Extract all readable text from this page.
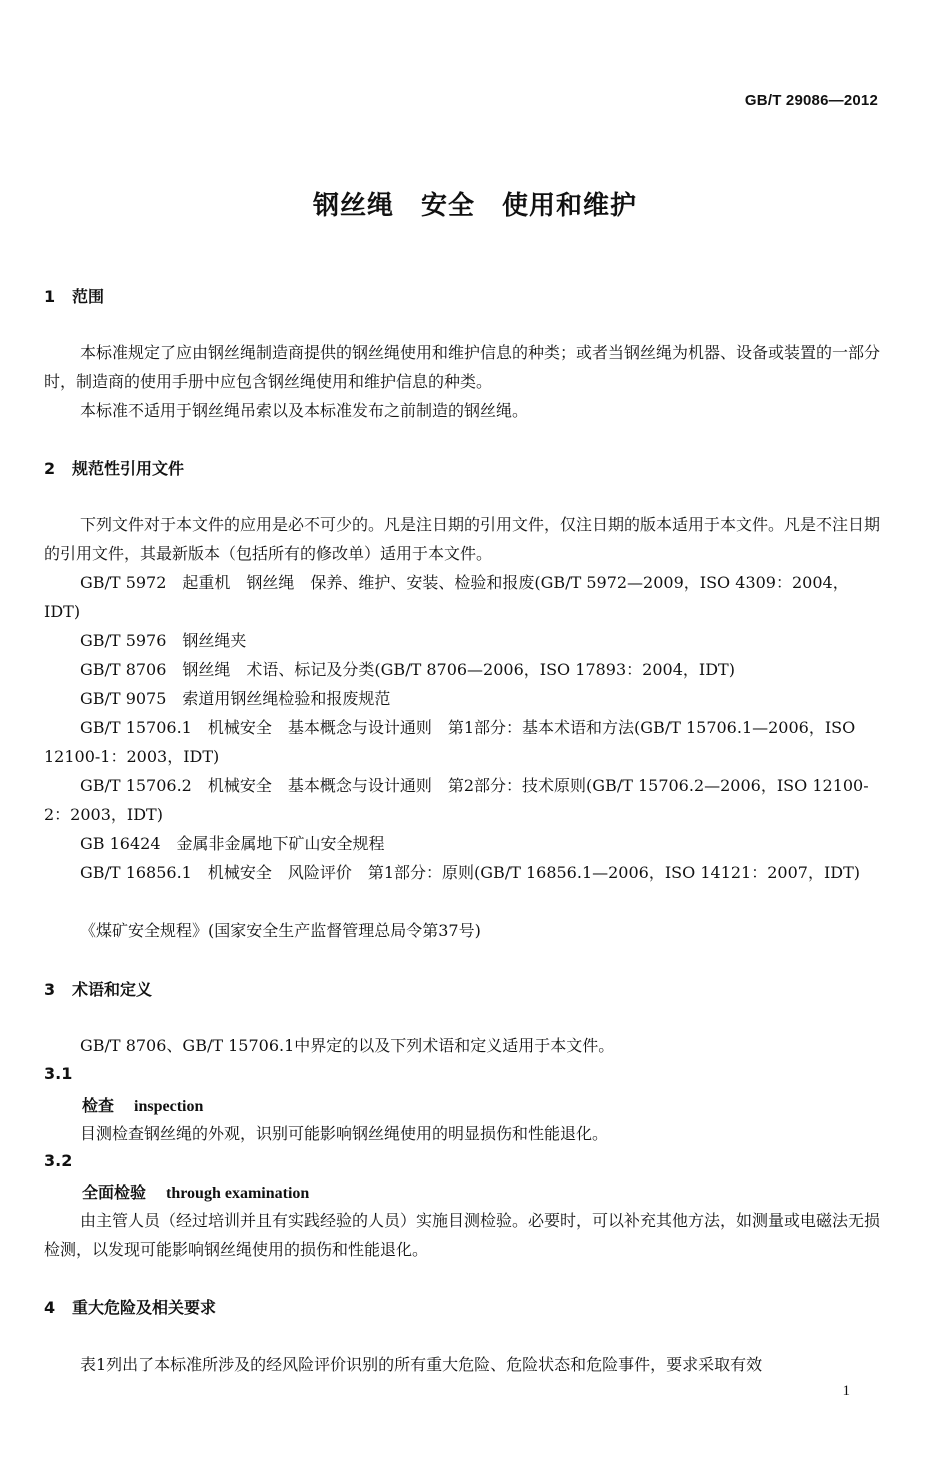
GB/T 29086—2012
钢丝绳　安全　使用和维护
1 范围
本标准规定了应由钢丝绳制造商提供的钢丝绳使用和维护信息的种类；或者当钢丝绳为机器、设备或装置的一部分时，制造商的使用手册中应包含钢丝绳使用和维护信息的种类。
本标准不适用于钢丝绳吊索以及本标准发布之前制造的钢丝绳。
2 规范性引用文件
下列文件对于本文件的应用是必不可少的。凡是注日期的引用文件，仅注日期的版本适用于本文件。凡是不注日期的引用文件，其最新版本（包括所有的修改单）适用于本文件。
GB/T 5972　起重机　钢丝绳　保养、维护、安装、检验和报废(GB/T 5972—2009，ISO 4309：2004，IDT)
GB/T 5976　钢丝绳夹
GB/T 8706　钢丝绳　术语、标记及分类(GB/T 8706—2006，ISO 17893：2004，IDT)
GB/T 9075　索道用钢丝绳检验和报废规范
GB/T 15706.1　机械安全　基本概念与设计通则　第1部分：基本术语和方法(GB/T 15706.1—2006，ISO 12100-1：2003，IDT)
GB/T 15706.2　机械安全　基本概念与设计通则　第2部分：技术原则(GB/T 15706.2—2006，ISO 12100-2：2003，IDT)
GB 16424　金属非金属地下矿山安全规程
GB/T 16856.1　机械安全　风险评价　第1部分：原则(GB/T 16856.1—2006，ISO 14121：2007，IDT)
《煤矿安全规程》(国家安全生产监督管理总局令第37号)
3 术语和定义
GB/T 8706、GB/T 15706.1中界定的以及下列术语和定义适用于本文件。
3.1
检查 inspection
目测检查钢丝绳的外观，识别可能影响钢丝绳使用的明显损伤和性能退化。
3.2
全面检验 through examination
由主管人员（经过培训并且有实践经验的人员）实施目测检验。必要时，可以补充其他方法，如测量或电磁法无损检测，以发现可能影响钢丝绳使用的损伤和性能退化。
4 重大危险及相关要求
表1列出了本标准所涉及的经风险评价识别的所有重大危险、危险状态和危险事件，要求采取有效
1
